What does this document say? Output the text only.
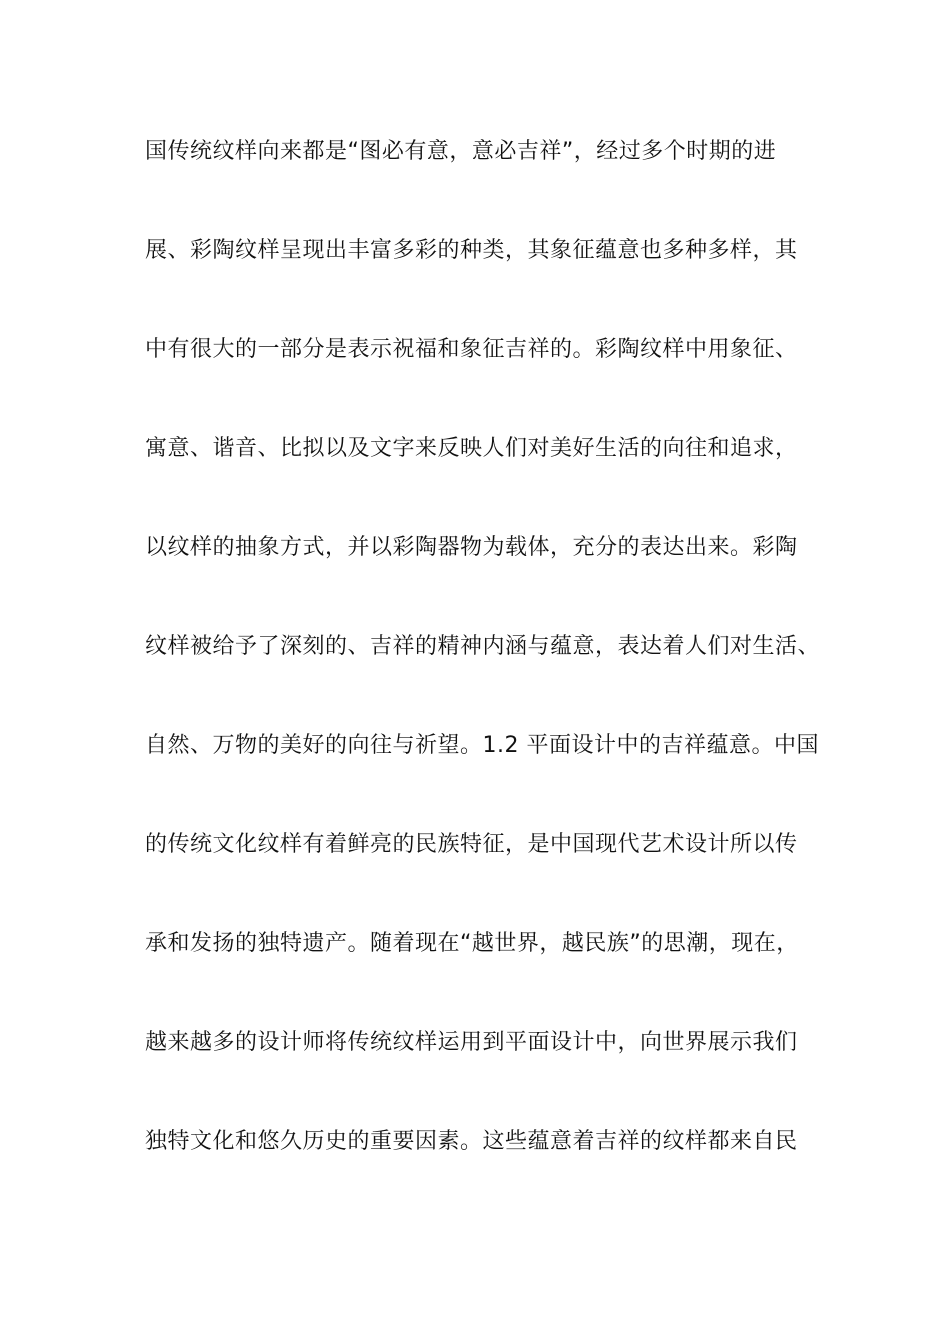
国传统纹样向来都是“图必有意，意必吉祥”，经过多个时期的进
展、彩陶纹样呈现出丰富多彩的种类，其象征蕴意也多种多样，其
中有很大的一部分是表示祝福和象征吉祥的。彩陶纹样中用象征、
寓意、谐音、比拟以及文字来反映人们对美好生活的向往和追求，
以纹样的抽象方式，并以彩陶器物为载体，充分的表达出来。彩陶
纹样被给予了深刻的、吉祥的精神内涵与蕴意，表达着人们对生活、
自然、万物的美好的向往与祈望。1.2 平面设计中的吉祥蕴意。中国
的传统文化纹样有着鲜亮的民族特征，是中国现代艺术设计所以传
承和发扬的独特遗产。随着现在“越世界，越民族”的思潮，现在，
越来越多的设计师将传统纹样运用到平面设计中，向世界展示我们
独特文化和悠久历史的重要因素。这些蕴意着吉祥的纹样都来自民
